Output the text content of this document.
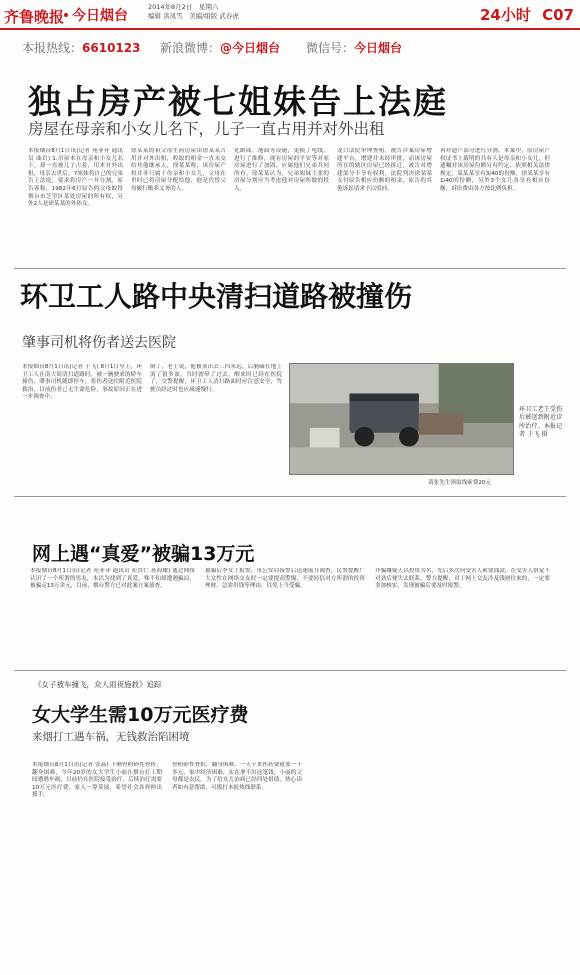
齐鲁晚报 今日烟台
2014年8月2日　星期六
编辑 洪凤雪　美编/组版 武春虎	24小时 C07
本报热线：6610123 新浪微博：@今日烟台 微信号：今日烟台
独占房产被七姐妹告上法庭
房屋在母亲和小女儿名下，儿子一直占用并对外出租
本报烟台8月1日讯(记者 苑菲菲 通讯员 曲岩) 1.房屋本在母亲和小女儿名下，却一直被儿子占着，用来对外出租，母亲去世后，7姐妹将自己的兄弟告上法庭，要求将房产一并分割，原告诉称，1982年6月原告的父母取得烟台市芝罘区某处房屋的所有权，另外2人是徐某某的外孙女。
徐某某的祖父母生前房屋由徐某某占用并对外出租，收取的租金一直未交给其他继承人，徐某某称，该房屋产权并非只属于母亲和小女儿，父母在世时已将房屋分配给他，他是代替父母履行赡养义务的人。
化路面，地面等设施，更换了电线，进行了维修，现有房屋的平安等对原房屋进行了加固，应属他们兄弟共同所有。徐某某认为，兄弟姐妹主张的房屋分割应当考虑他对房屋所做的投入。
龙口法院审理查明，被告涉案房屋增建平台，增建并未经审批，而该房屋所在的辖区房屋已经拆迁，被告对增建部分不享有权利，法院判决徐某某支付原告相应份额的租金，原告的其他诉讼请求予以驳回。
再对遗产部分进行分割，本案中，原房屋产权证书上载明的共有人是母亲和小女儿，但遗嘱对该房屋份额另有约定，依照相关法律规定，某某某享有3/40的份额，徐某某享有1/40的份额，另外3个女儿各享有相应份额，诉讼费由各方按比例负担。
环卫工人路中央清扫道路被撞伤
肇事司机将伤者送去医院
本报烟台8月1日讯(记者 于飞) 8月1日早上，环卫工人在南大街清扫道路时，被一辆驶来的轿车撞伤，肇事司机随即停车，将伤者送往附近医院救治，目前伤者已无生命危险，事故原因正在进一步调查中。
倒了，老王说，他被顶出去三四米远，后脑磕在地上流了很多血，当时就晕了过去，醒来时已经在医院了，交警提醒，环卫工人清扫路面时应注意安全，驾驶员经过时也应减速慢行。
环卫工老王受伤后被送到附近诊所治疗。本报记者 于飞 摄
请张先生领取线索费20元
网上遇“真爱”被骗13万元
本报烟台8月1日讯(记者 苑菲菲 通讯员 崔洪仁 孙海耀) 通过网络认识了一个所谓的男友，本以为找到了真爱，殊不知却遭遇骗局，被骗走13万余元，目前，烟台警方已对此案立案侦查。
被骗后李女士报警，市公安局接警后迅速展开调查，民警提醒广大女性在网络交友时一定要提高警惕，不要轻信对方所谓的投资理财、急需用钱等理由，以免上当受骗。
诈骗嫌疑人以投资为名，先后多次向受害人索要钱款，在受害人察觉不对劲后便失去联系，警方提醒，对于网上交友涉及钱财往来的，一定要多加核实，发现被骗后要及时报警。
《女子被车撞飞，众人雨夜施救》追踪
女大学生需10万元医疗费
来烟打工遇车祸，无钱救治陷困境
本报烟台8月1日讯(记者 张晶) 下晒骨粉碎性骨折，翻身困难，今年20岁的女大学生小丽在烟台打工期间遭遇车祸，目前仍在医院接受治疗，后续治疗需要10万元医疗费，家人一筹莫展，希望社会各界伸出援手。
骨粉碎性骨折，翻身困难，一天下来医药费就要一千多元，家中经济困难，实在拿不出这笔钱，小丽的父母都是农民，为了给女儿治病已经四处借债，热心读者如有意帮助，可拨打本报热线联系。
